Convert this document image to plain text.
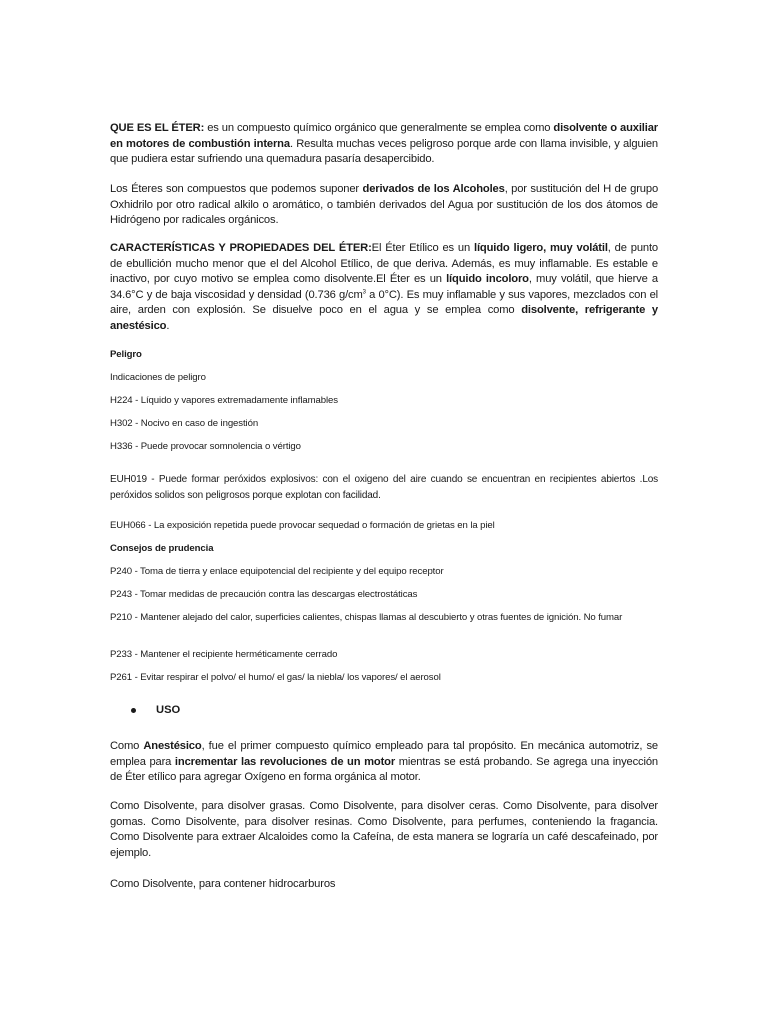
QUE ES EL ÉTER: es un compuesto químico orgánico que generalmente se emplea como disolvente o auxiliar en motores de combustión interna. Resulta muchas veces peligroso porque arde con llama invisible, y alguien que pudiera estar sufriendo una quemadura pasaría desapercibido.

Los Éteres son compuestos que podemos suponer derivados de los Alcoholes, por sustitución del H de grupo Oxhidrilo por otro radical alkilo o aromático, o también derivados del Agua por sustitución de los dos átomos de Hidrógeno por radicales orgánicos.

CARACTERÍSTICAS Y PROPIEDADES DEL ÉTER:El Éter Etílico es un líquido ligero, muy volátil, de punto de ebullición mucho menor que el del Alcohol Etílico, de que deriva. Además, es muy inflamable. Es estable e inactivo, por cuyo motivo se emplea como disolvente.El Éter es un líquido incoloro, muy volátil, que hierve a 34.6°C y de baja viscosidad y densidad (0.736 $g/cm^3$ a 0°C). Es muy inflamable y sus vapores, mezclados con el aire, arden con explosión. Se disuelve poco en el agua y se emplea como disolvente, refrigerante y anestésico.

Peligro

Indicaciones de peligro

H224 - Líquido y vapores extremadamente inflamables

H302 - Nocivo en caso de ingestión

H336 - Puede provocar somnolencia o vértigo

EUH019 - Puede formar peróxidos explosivos: con el oxigeno del aire cuando se encuentran en recipientes abiertos .Los peróxidos solidos son peligrosos porque explotan con facilidad.

EUH066 - La exposición repetida puede provocar sequedad o formación de grietas en la piel

Consejos de prudencia

P240 - Toma de tierra y enlace equipotencial del recipiente y del equipo receptor

P243 - Tomar medidas de precaución contra las descargas electrostáticas

P210 - Mantener alejado del calor, superficies calientes, chispas llamas al descubierto y otras fuentes de ignición. No fumar

P233 - Mantener el recipiente herméticamente cerrado

P261 - Evitar respirar el polvo/ el humo/ el gas/ la niebla/ los vapores/ el aerosol

USO

Como Anestésico, fue el primer compuesto químico empleado para tal propósito. En mecánica automotriz, se emplea para incrementar las revoluciones de un motor mientras se está probando. Se agrega una inyección de Éter etílico para agregar Oxígeno en forma orgánica al motor.

Como Disolvente, para disolver grasas. Como Disolvente, para disolver ceras. Como Disolvente, para disolver gomas. Como Disolvente, para disolver resinas. Como Disolvente, para perfumes, conteniendo la fragancia. Como Disolvente para extraer Alcaloides como la Cafeína, de esta manera se lograría un café descafeinado, por ejemplo.

Como Disolvente, para contener hidrocarburos
